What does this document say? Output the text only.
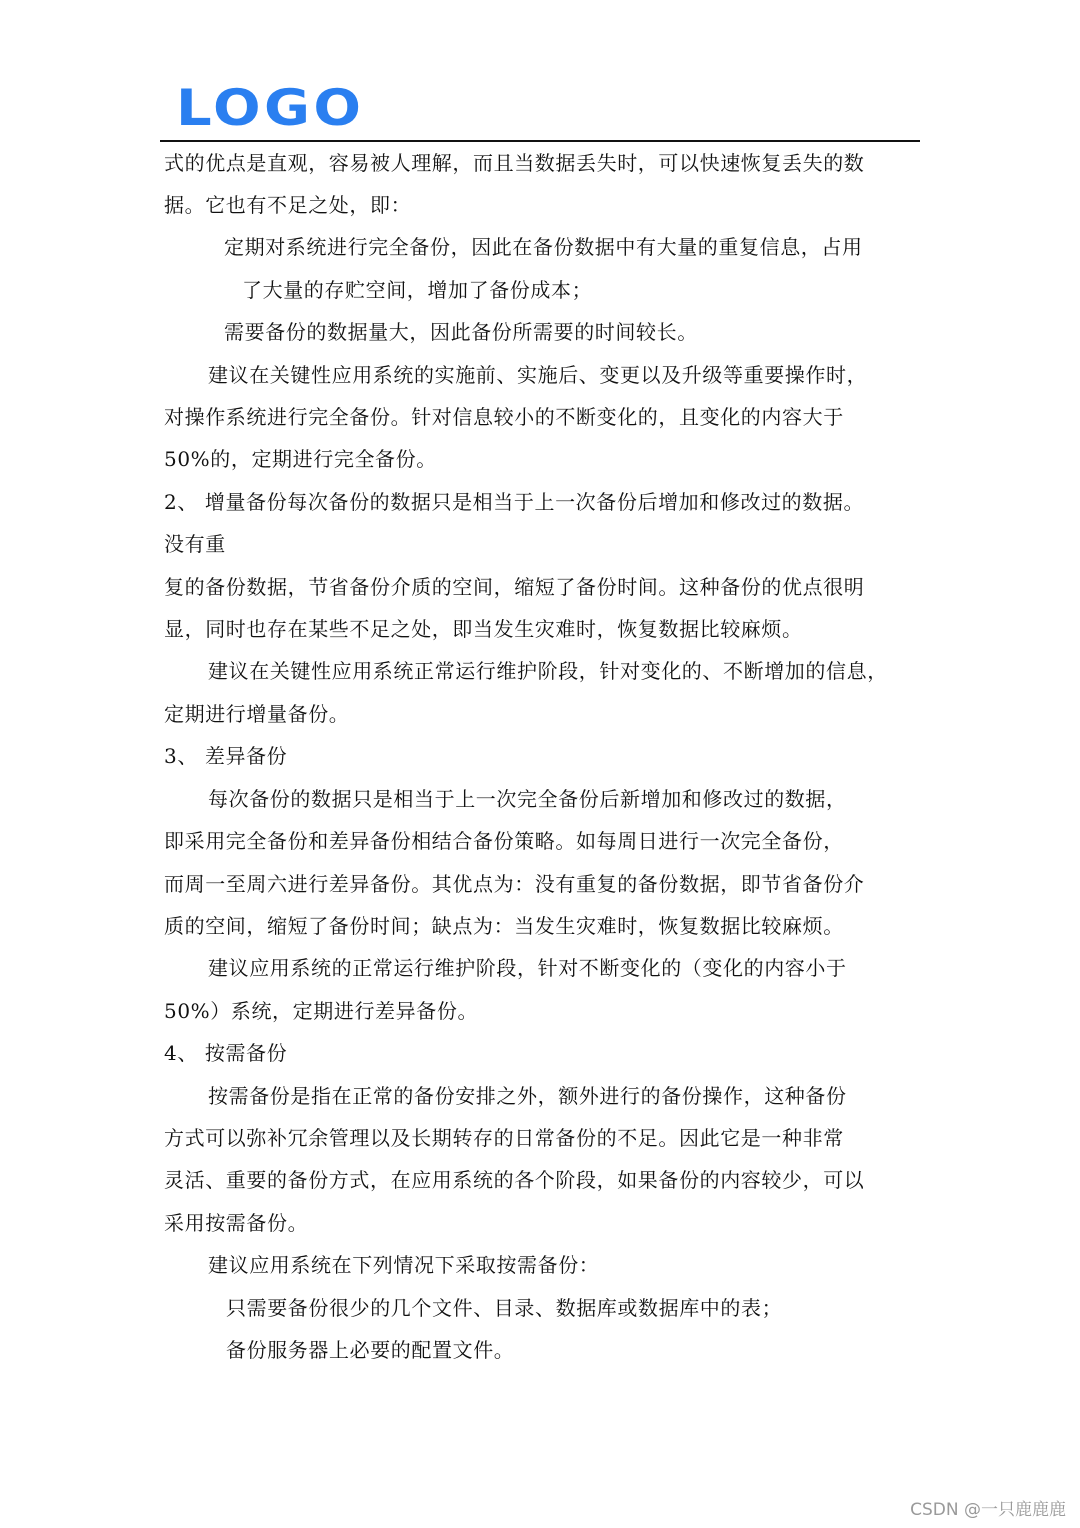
LOGO
式的优点是直观，容易被人理解，而且当数据丢失时，可以快速恢复丢失的数
据。它也有不足之处，即：
定期对系统进行完全备份，因此在备份数据中有大量的重复信息，占用
了大量的存贮空间，增加了备份成本；
需要备份的数据量大，因此备份所需要的时间较长。
建议在关键性应用系统的实施前、实施后、变更以及升级等重要操作时，
对操作系统进行完全备份。针对信息较小的不断变化的，且变化的内容大于
50%的，定期进行完全备份。
2、 增量备份每次备份的数据只是相当于上一次备份后增加和修改过的数据。
没有重
复的备份数据，节省备份介质的空间，缩短了备份时间。这种备份的优点很明
显，同时也存在某些不足之处，即当发生灾难时，恢复数据比较麻烦。
建议在关键性应用系统正常运行维护阶段，针对变化的、不断增加的信息，
定期进行增量备份。
3、 差异备份
每次备份的数据只是相当于上一次完全备份后新增加和修改过的数据，
即采用完全备份和差异备份相结合备份策略。如每周日进行一次完全备份，
而周一至周六进行差异备份。其优点为：没有重复的备份数据，即节省备份介
质的空间，缩短了备份时间；缺点为：当发生灾难时，恢复数据比较麻烦。
建议应用系统的正常运行维护阶段，针对不断变化的（变化的内容小于
50%）系统，定期进行差异备份。
4、 按需备份
按需备份是指在正常的备份安排之外，额外进行的备份操作，这种备份
方式可以弥补冗余管理以及长期转存的日常备份的不足。因此它是一种非常
灵活、重要的备份方式，在应用系统的各个阶段，如果备份的内容较少，可以
采用按需备份。
建议应用系统在下列情况下采取按需备份：
只需要备份很少的几个文件、目录、数据库或数据库中的表；
备份服务器上必要的配置文件。
CSDN @一只鹿鹿鹿
